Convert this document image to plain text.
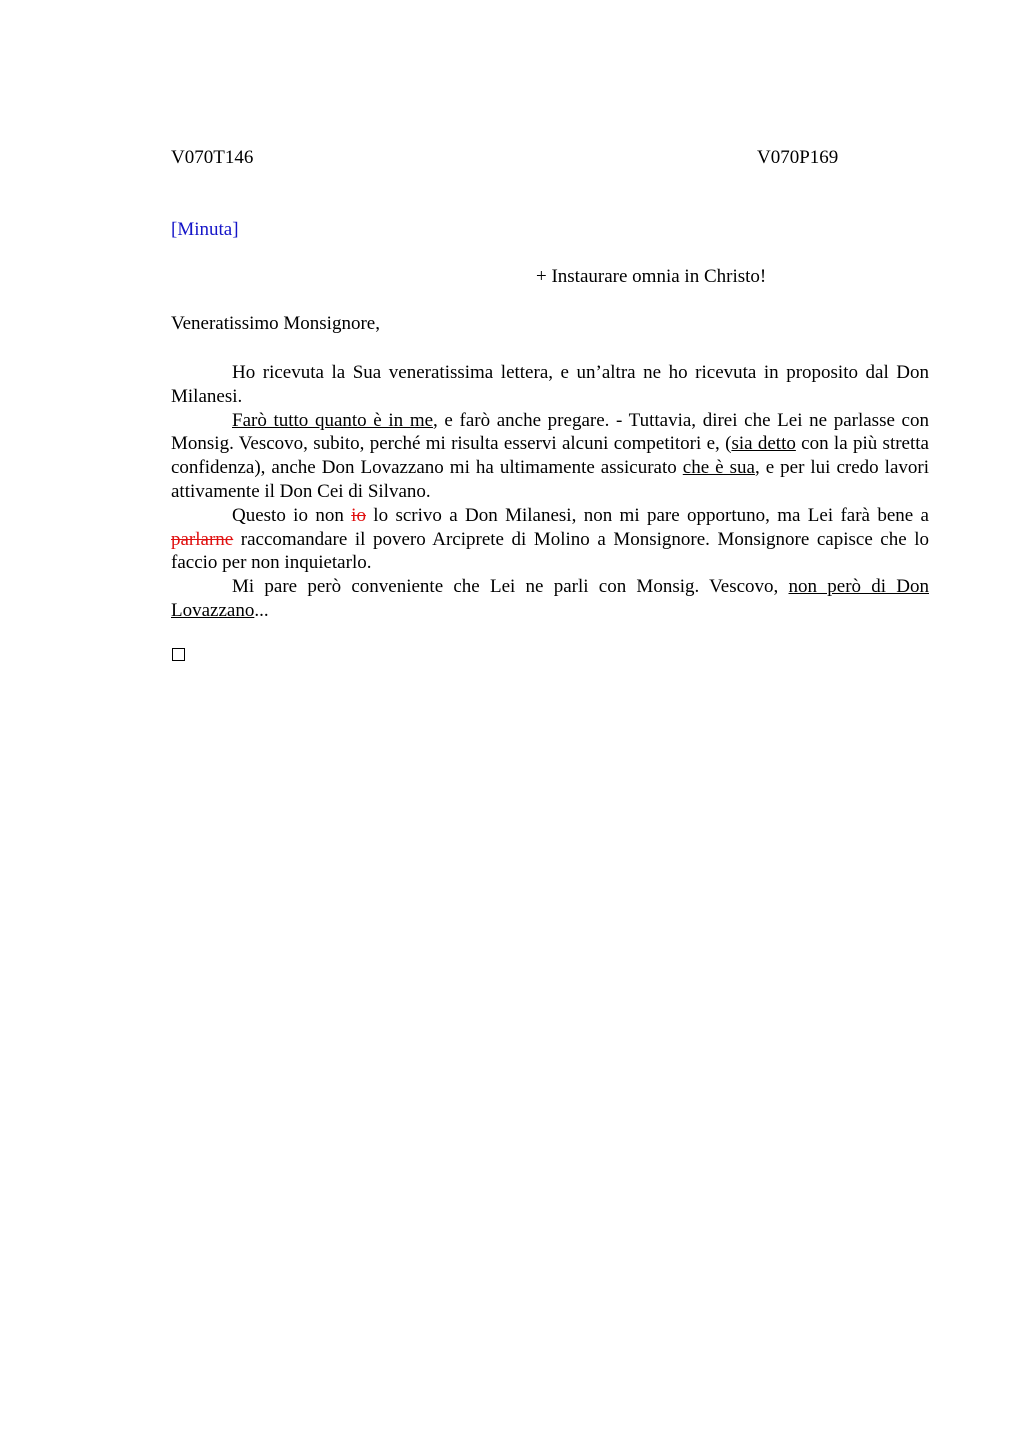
V070T146	V070P169
[Minuta]
+ Instaurare omnia in Christo!
Veneratissimo Monsignore,

Ho ricevuta la Sua veneratissima lettera, e un’altra ne ho ricevuta in proposito dal Don Milanesi.

Farò tutto quanto è in me, e farò anche pregare. - Tuttavia, direi che Lei ne parlasse con Monsig. Vescovo, subito, perché mi risulta esservi alcuni competitori e, (sia detto con la più stretta confidenza), anche Don Lovazzano mi ha ultimamente assicurato che è sua, e per lui credo lavori attivamente il Don Cei di Silvano.

Questo io non io lo scrivo a Don Milanesi, non mi pare opportuno, ma Lei farà bene a parlarne raccomandare il povero Arciprete di Molino a Monsignore. Monsignore capisce che lo faccio per non inquietarlo.

Mi pare però conveniente che Lei ne parli con Monsig. Vescovo, non però di Don Lovazzano...
